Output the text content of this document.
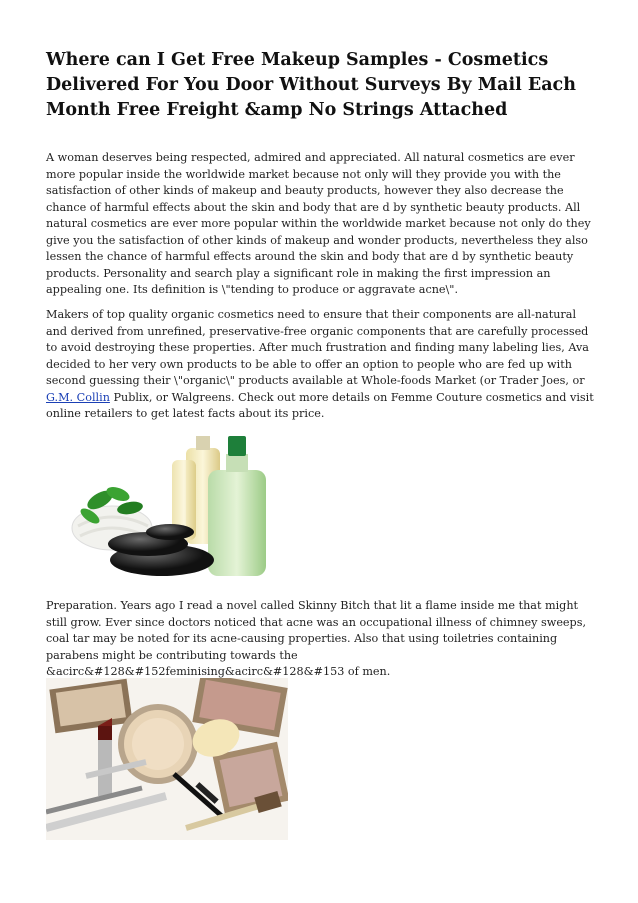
Where can I Get Free Makeup Samples - Cosmetics Delivered For You Door Without Surveys By Mail Each Month Free Freight &amp No Strings Attached

A woman deserves being respected, admired and appreciated. All natural cosmetics are ever more popular inside the worldwide market because not only will they provide you with the satisfaction of other kinds of makeup and beauty products, however they also decrease the chance of harmful effects about the skin and body that are d by synthetic beauty products. All natural cosmetics are ever more popular within the worldwide market because not only do they give you the satisfaction of other kinds of makeup and wonder products, nevertheless they also lessen the chance of harmful effects around the skin and body that are d by synthetic beauty products. Personality and search play a significant role in making the first impression an appealing one. Its definition is \"tending to produce or aggravate acne\".

Makers of top quality organic cosmetics need to ensure that their components are all-natural and derived from unrefined, preservative-free organic components that are carefully processed to avoid destroying these properties. After much frustration and finding many labeling lies, Ava decided to her very own products to be able to offer an option to people who are fed up with second guessing their \"organic\" products available at Whole-foods Market (or Trader Joes, or G.M. Collin Publix, or Walgreens. Check out more details on Femme Couture cosmetics and visit online retailers to get latest facts about its price.

Preparation. Years ago I read a novel called Skinny Bitch that lit a flame inside me that might still grow. Ever since doctors noticed that acne was an occupational illness of chimney sweeps, coal tar may be noted for its acne-causing properties. Also that using toiletries containing parabens might be contributing towards the &acirc&#128&#152feminising&acirc&#128&#153 of men.
